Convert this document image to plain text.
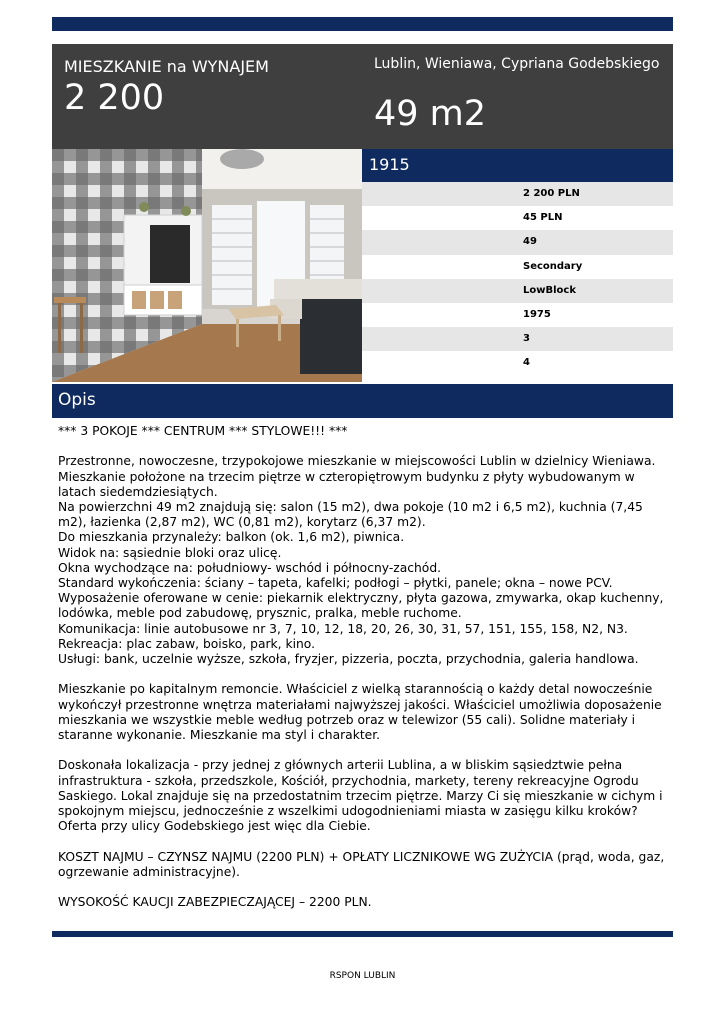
MIESZKANIE na WYNAJEM
2 200
Lublin, Wieniawa, Cypriana Godebskiego
49 m2
1915
2 200 PLN
45 PLN
49
Secondary
LowBlock
1975
3
4
Opis
*** 3 POKOJE *** CENTRUM *** STYLOWE!!! ***

Przestronne, nowoczesne, trzypokojowe mieszkanie w miejscowości Lublin w dzielnicy Wieniawa. Mieszkanie położone na trzecim piętrze w czteropiętrowym budynku z płyty wybudowanym w latach siedemdziesiątych.
Na powierzchni 49 m2 znajdują się: salon (15 m2), dwa pokoje (10 m2 i 6,5 m2), kuchnia (7,45 m2), łazienka (2,87 m2), WC (0,81 m2), korytarz (6,37 m2).
Do mieszkania przynależy: balkon (ok. 1,6 m2), piwnica.
Widok na: sąsiednie bloki oraz ulicę.
Okna wychodzące na: południowy- wschód i północny-zachód.
Standard wykończenia: ściany – tapeta, kafelki; podłogi – płytki, panele; okna – nowe PCV.
Wyposażenie oferowane w cenie: piekarnik elektryczny, płyta gazowa, zmywarka, okap kuchenny, lodówka, meble pod zabudowę, prysznic, pralka, meble ruchome.
Komunikacja: linie autobusowe nr 3, 7, 10, 12, 18, 20, 26, 30, 31, 57, 151, 155, 158, N2, N3.
Rekreacja: plac zabaw, boisko, park, kino.
Usługi: bank, uczelnie wyższe, szkoła, fryzjer, pizzeria, poczta, przychodnia, galeria handlowa.

Mieszkanie po kapitalnym remoncie. Właściciel z wielką starannością o każdy detal nowocześnie wykończył przestronne wnętrza materiałami najwyższej jakości. Właściciel umożliwia doposażenie mieszkania we wszystkie meble według potrzeb oraz w telewizor (55 cali). Solidne materiały i staranne wykonanie. Mieszkanie ma styl i charakter.

Doskonała lokalizacja - przy jednej z głównych arterii Lublina, a w bliskim sąsiedztwie pełna infrastruktura - szkoła, przedszkole, Kościół, przychodnia, markety, tereny rekreacyjne Ogrodu Saskiego. Lokal znajduje się na przedostatnim trzecim piętrze. Marzy Ci się mieszkanie w cichym i spokojnym miejscu, jednocześnie z wszelkimi udogodnieniami miasta w zasięgu kilku kroków? Oferta przy ulicy Godebskiego jest więc dla Ciebie.

KOSZT NAJMU – CZYNSZ NAJMU (2200 PLN) + OPŁATY LICZNIKOWE WG ZUŻYCIA (prąd, woda, gaz, ogrzewanie administracyjne).

WYSOKOŚĆ KAUCJI ZABEZPIECZAJĄCEJ – 2200 PLN.
RSPON LUBLIN
